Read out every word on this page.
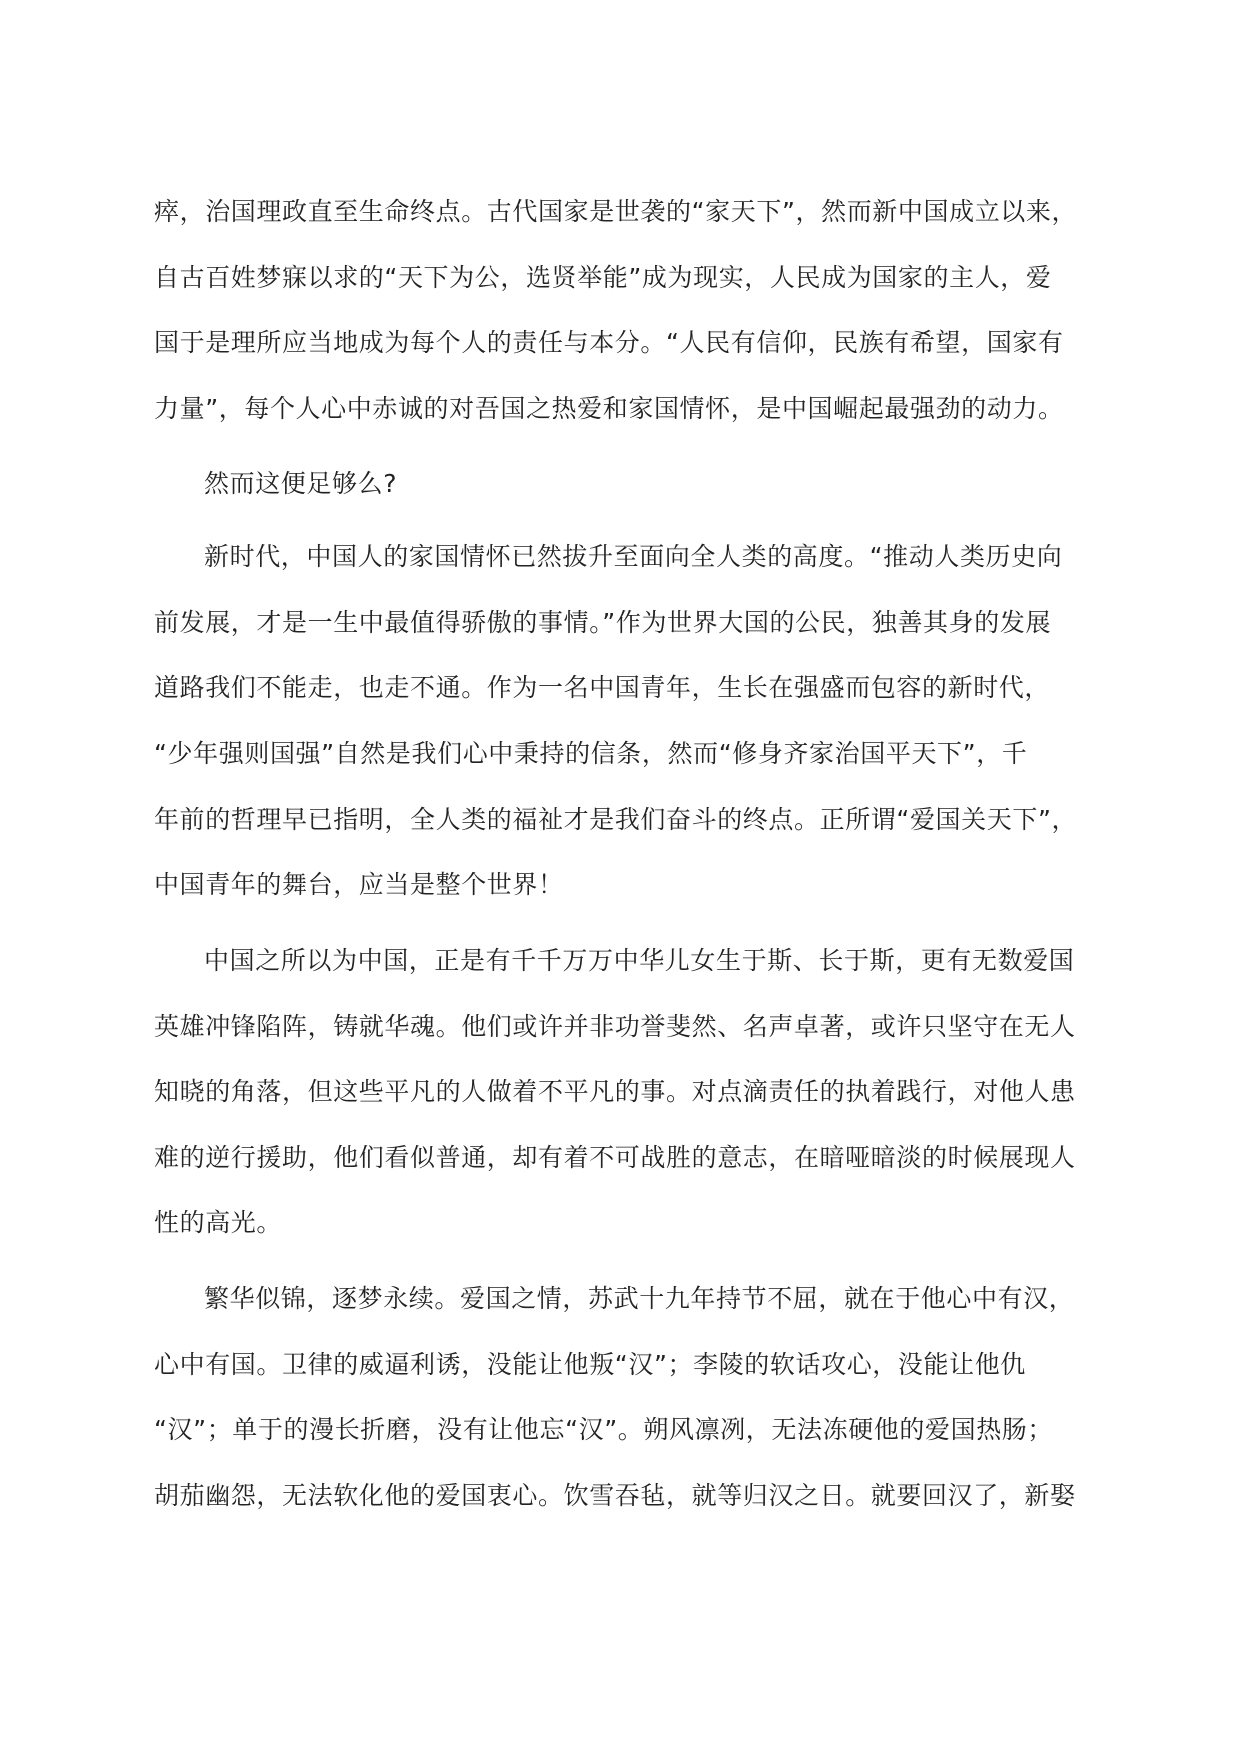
瘁，治国理政直至生命终点。古代国家是世袭的“家天下”，然而新中国成立以来，
自古百姓梦寐以求的“天下为公，选贤举能”成为现实，人民成为国家的主人，爱
国于是理所应当地成为每个人的责任与本分。“人民有信仰，民族有希望，国家有
力量”，每个人心中赤诚的对吾国之热爱和家国情怀，是中国崛起最强劲的动力。
然而这便足够么?
新时代，中国人的家国情怀已然拔升至面向全人类的高度。“推动人类历史向
前发展，才是一生中最值得骄傲的事情。”作为世界大国的公民，独善其身的发展
道路我们不能走，也走不通。作为一名中国青年，生长在强盛而包容的新时代，
“少年强则国强”自然是我们心中秉持的信条，然而“修身齐家治国平天下”，千
年前的哲理早已指明，全人类的福祉才是我们奋斗的终点。正所谓“爱国关天下”，
中国青年的舞台，应当是整个世界！
中国之所以为中国，正是有千千万万中华儿女生于斯、长于斯，更有无数爱国
英雄冲锋陷阵，铸就华魂。他们或许并非功誉斐然、名声卓著，或许只坚守在无人
知晓的角落，但这些平凡的人做着不平凡的事。对点滴责任的执着践行，对他人患
难的逆行援助，他们看似普通，却有着不可战胜的意志，在暗哑暗淡的时候展现人
性的高光。
繁华似锦，逐梦永续。爱国之情，苏武十九年持节不屈，就在于他心中有汉，
心中有国。卫律的威逼利诱，没能让他叛“汉”；李陵的软话攻心，没能让他仇
“汉”；单于的漫长折磨，没有让他忘“汉”。朔风凛冽，无法冻硬他的爱国热肠；
胡茄幽怨，无法软化他的爱国衷心。饮雪吞毡，就等归汉之日。就要回汉了，新娶
